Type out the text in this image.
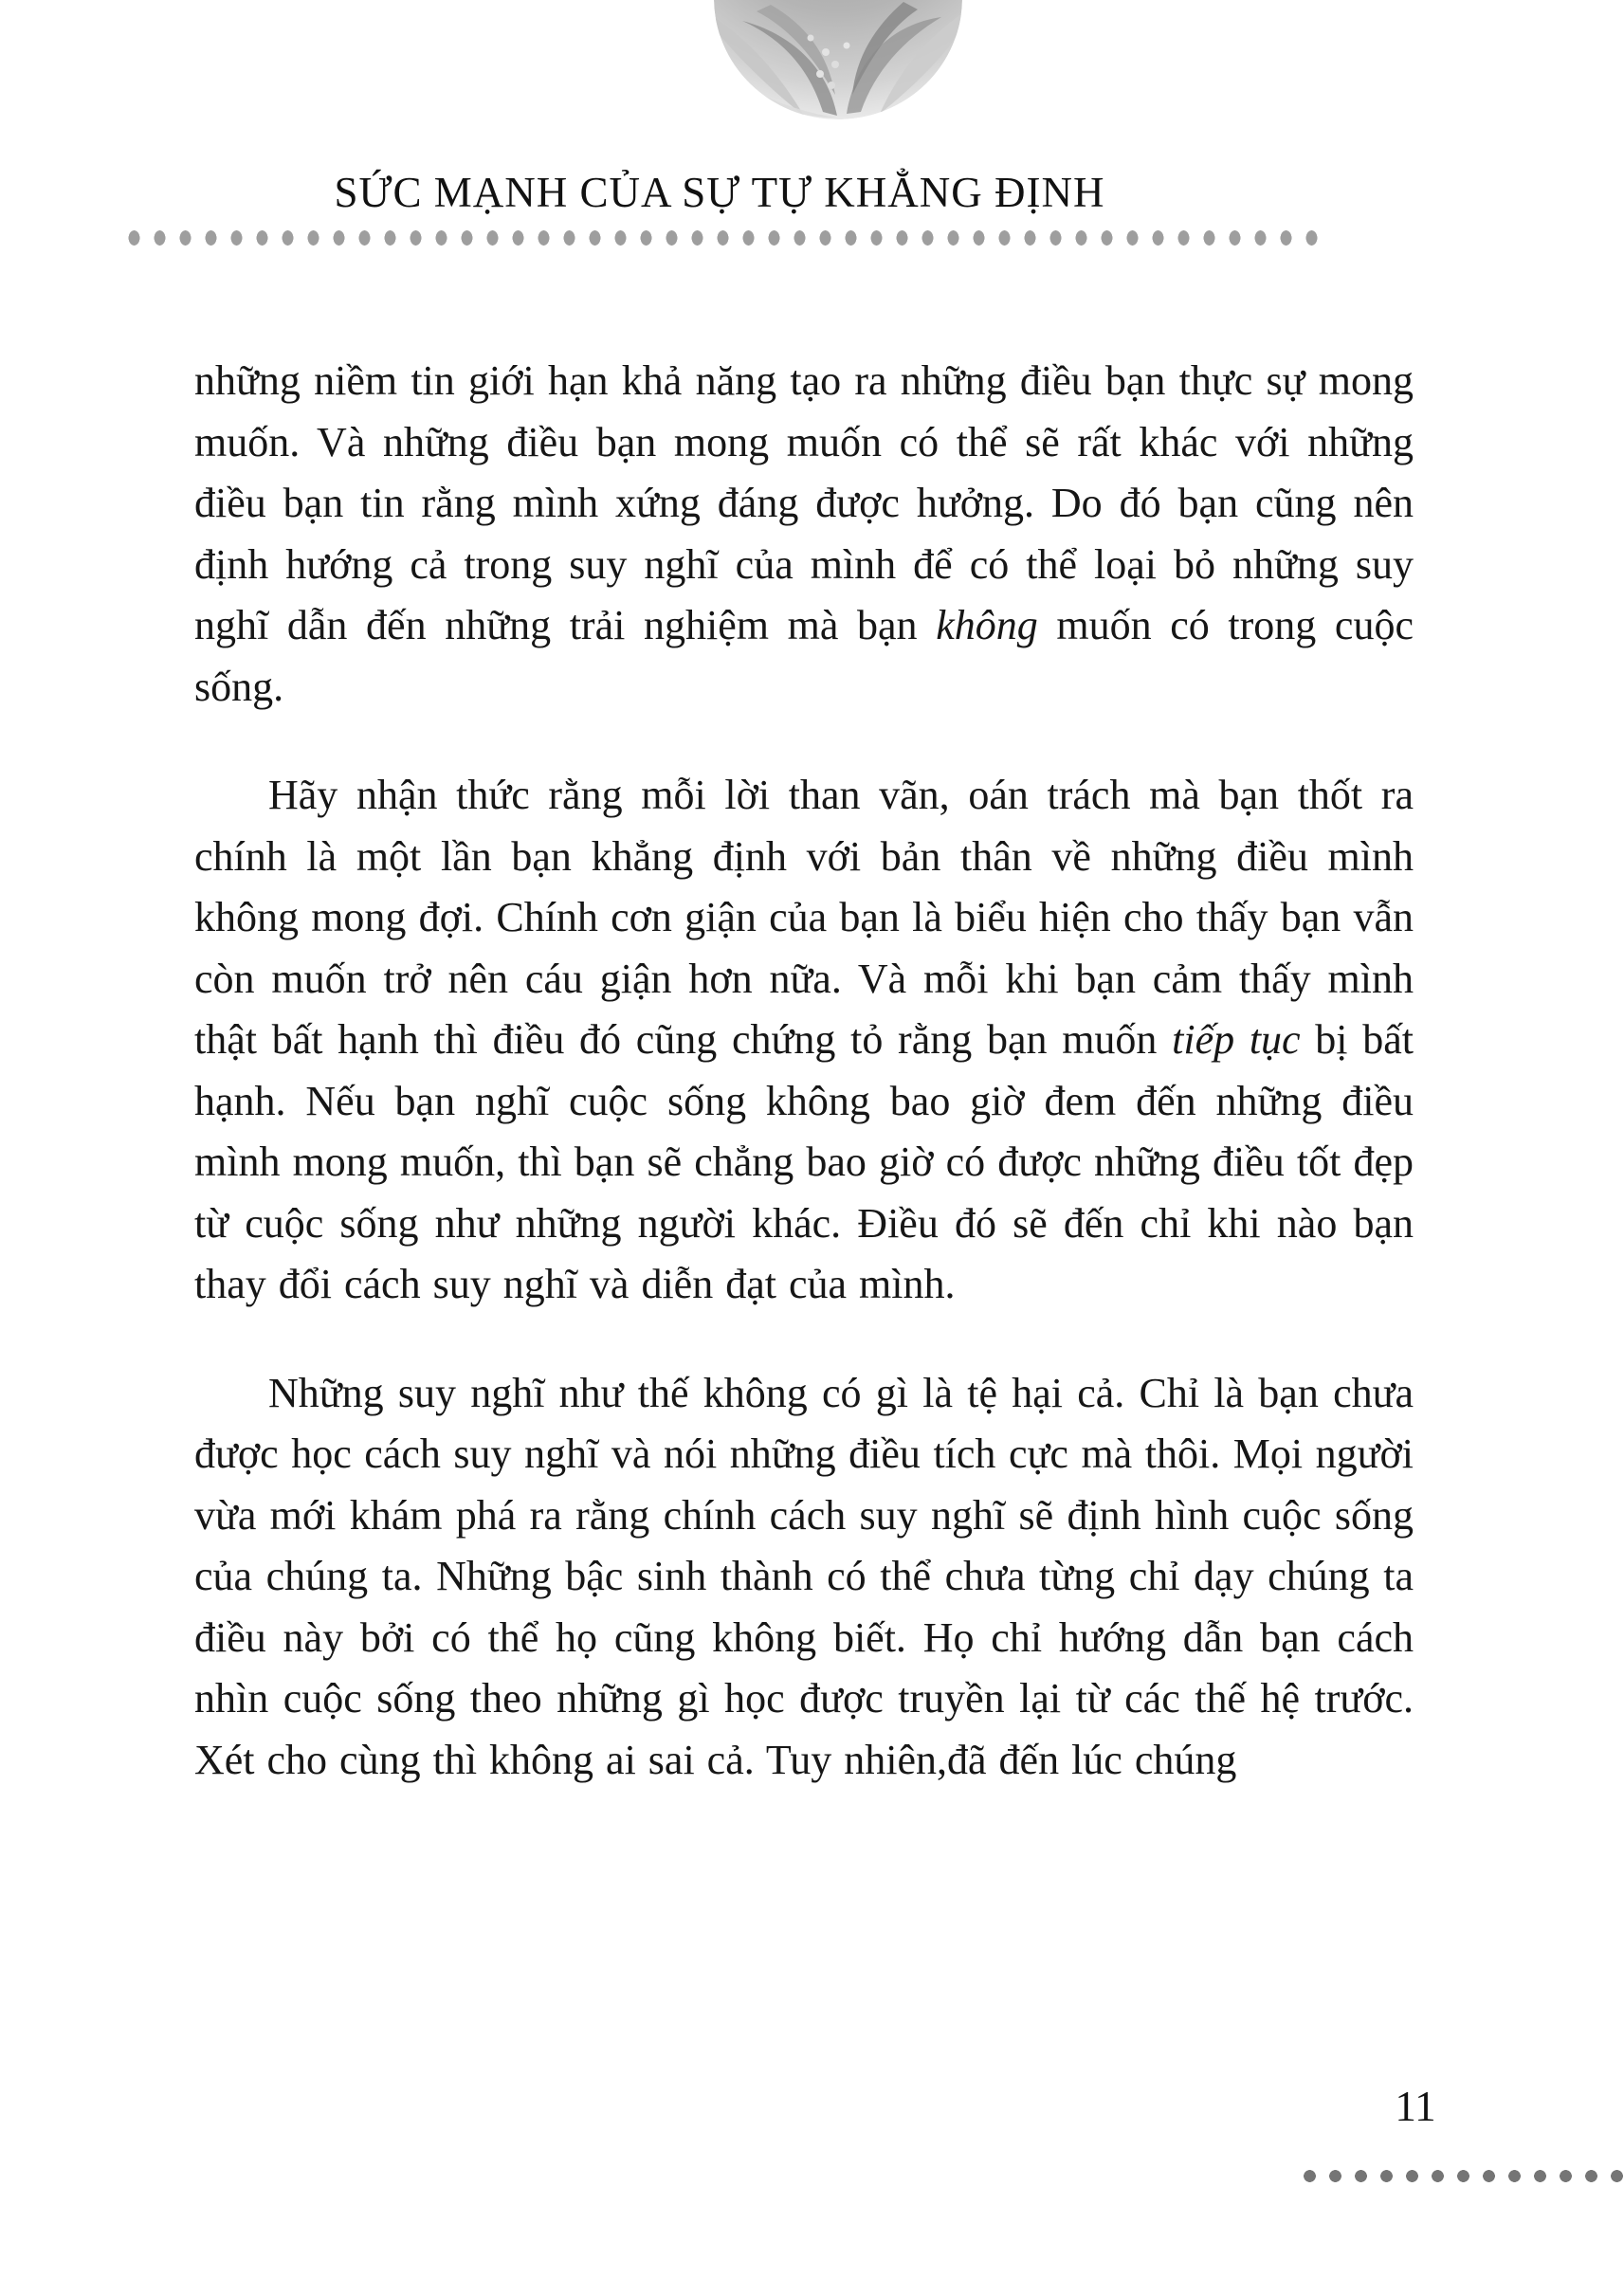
SỨC MẠNH CỦA SỰ TỰ KHẲNG ĐỊNH

những niềm tin giới hạn khả năng tạo ra những điều bạn thực sự mong muốn. Và những điều bạn mong muốn có thể sẽ rất khác với những điều bạn tin rằng mình xứng đáng được hưởng. Do đó bạn cũng nên định hướng cả trong suy nghĩ của mình để có thể loại bỏ những suy nghĩ dẫn đến những trải nghiệm mà bạn không muốn có trong cuộc sống.

Hãy nhận thức rằng mỗi lời than vãn, oán trách mà bạn thốt ra chính là một lần bạn khẳng định với bản thân về những điều mình không mong đợi. Chính cơn giận của bạn là biểu hiện cho thấy bạn vẫn còn muốn trở nên cáu giận hơn nữa. Và mỗi khi bạn cảm thấy mình thật bất hạnh thì điều đó cũng chứng tỏ rằng bạn muốn tiếp tục bị bất hạnh. Nếu bạn nghĩ cuộc sống không bao giờ đem đến những điều mình mong muốn, thì bạn sẽ chẳng bao giờ có được những điều tốt đẹp từ cuộc sống như những người khác. Điều đó sẽ đến chỉ khi nào bạn thay đổi cách suy nghĩ và diễn đạt của mình.

Những suy nghĩ như thế không có gì là tệ hại cả. Chỉ là bạn chưa được học cách suy nghĩ và nói những điều tích cực mà thôi. Mọi người vừa mới khám phá ra rằng chính cách suy nghĩ sẽ định hình cuộc sống của chúng ta. Những bậc sinh thành có thể chưa từng chỉ dạy chúng ta điều này bởi có thể họ cũng không biết. Họ chỉ hướng dẫn bạn cách nhìn cuộc sống theo những gì học được truyền lại từ các thế hệ trước. Xét cho cùng thì không ai sai cả. Tuy nhiên,đã đến lúc chúng

11
